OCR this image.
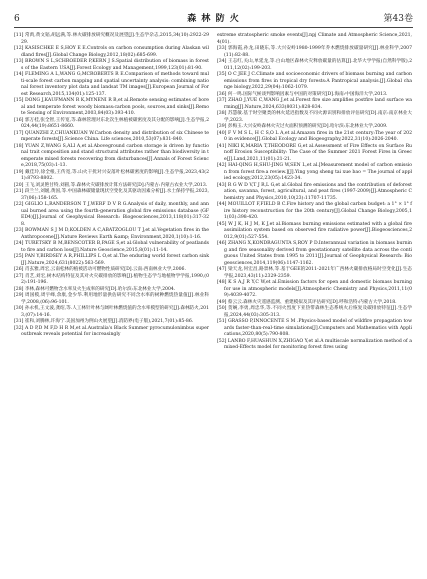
6	森 林 防 火	第43卷

[11] 常禹,黄文韬,胡远满,等.林火碳排放研究概况及展望[J].生态学杂志,2015,34(10):2922-2929.

[12] KASISCHKE E S,HOY E E.Controls on carbon consumption during Alaskan wildland fires[J].Global Change Biology,2012,18(02):685-699.

[13] BROWN S L,SCHROEDER P,KERN J S.Spatial distribution of biomass in forests of the Eastern USA[J].Forest Ecology and Management,1999,123(01):81-90.

[14] FLEMING A L,WANG G,MCROBERTS R E.Comparison of methods toward multi-scale forest carbon mapping and spatial uncertainty analysis: combining national forest inventory plot data and landsat TM images[J].European Journal of Forest Research,2015,134(01):125-137.

[15] DONG J,KAUFMANN R K,MYNENI R B,et al.Remote sensing estimates of boreal and temperate forest woody biomass:carbon pools, sources,and sinks[J].Remote Sensing of Environment,2003,84(03):393-410.

[16] 郭万桂,张全智,王传宽,等.森林管理对东北次生林植被碳密度及其分配的影响[J].生态学报,2024,44(19):8651-8660.

[17] QUANZHI Z,CHUANKUAN W.Carbon density and distribution of six Chinese temperate forests[J].Science China. Life sciences,2010,53(07):831-840.

[18] YUAN Z,WANG S,ALI A,et al.Aboveground carbon storage is driven by functional trait composition and stand structural attributes rather than biodiversity in temperate mixed forests recovering from disturbances[J].Annals of Forest Science,2018,75(03):1-13.

[19] 戴佳玲,徐全根,王传宽,等.山火干扰对兴安落叶松林碳密度的影响[J].生态学报,2023,43(21):8793-8802.

[20] 王飞,刘灵艳甘特,刘圆,等.森林火灾碳排放计算方法研究[D].内蒙古:内蒙古农业大学,2013.

[21] 段兰兰,刘媛,黄国,等.中国森林碳储量现状空变化及其驱动因素分析[J].水土保持学报,2023,37(06):158-165.

[22] GIGLIO L,RANDERSON T J,WERF D V R G.Analysis of daily, monthly, and annual burned area using the fourth-generation global fire emissions database (GFED4)[J].Journal of Geophysical Research: Biogeosciences,2013,118(01):317-328.

[23] BOWMAN S J M D,KOLDEN A C,ABATZOGLOU T J,et al.Vegetation fires in the Anthropocene[J].Nature Reviews Earth &amp; Environment,2020,1(10):1-16.

[24] TURETSKY B M,BENSCOTER B,PAGE S,et al.Global vulnerability of peatlands to fire and carbon loss[J].Nature Geoscience,2015,8(01):11-14.

[25] PAN Y,BIRDSEY A R,PHILLIPS L O,et al.The enduring world forest carbon sink[J].Nature,2024,631(8022):563-569.

[26] 肖玄雅,周宏,云南松林的植被活动可燃物性质研究[D].云南:西南林业大学,2006.

[27] 肖艺,刘宏,树木结构特征及其对火灾碳排放的影响[J].植物生态学与地植物学学报,1990,(02):191-196.

[28] 李林,森林可燃物含水率及火生成率的研究[D].哈尔滨:东北林业大学,2004.

[29] 周国模,周宇峰,余康,金少华.利用地形量供估研究不同含水率的树种燃烧热量值[J].林业科学,2008,(06):96-101.

[30] 孙永机,王文波,龚绍,等.人工林针叶林与阔叶林燃烧值的含水率模型的研究[J].森林防火,2013,(07):14-16.

[31] 崔和,刘腾林,许海宁.美国加州为例山火展望[J].消防界(电子版),2021,7(01):85-86.

[32] A D P,D M F,D H R M,et al.Australia's Black Summer pyrocumulonimbus super outbreak reveals potential for increasingly

extreme stratospheric smoke events[J].npj Climate and Atmospheric Science,2021,4(01).

[33] 郭海霞,孙龙,田晓东,等.大兴安岭1980-1999年乔木燃烧排放碳量研究[J].林业科学,2007(11):82-88.

[34] 王志红,关山,单延龙,等.白山地区森林火灾释放碳量的估算[J].北华大学学报(自然科学版),2011,12(02):199-203.

[35] O C JEE J C.Climate and socioeconomic drivers of biomass burning and carbon emissions from fires in tropical dry forests:A Pantropical analysis.[J].Global change biology,2022,29(04):1062-1079.

[36] 何一鸣.国际气候谈判影响因素与中国的对策研究[D].海南:中国海洋大学,2013.

[37] ZHAO J,YUE C,WANG J,et al.Forest fire size amplifies postfire land surface warming[J].Nature,2024,633(8031):828-834.

[38] 苏慧敏.基于时空聚类的林火延迟指数及不同火源识别和排放评估研究[D].南京:南京林业大学,2023.

[39] 彭梅玉.大兴安岭森林火灾过火面积预测的研究[D].哈尔滨:东北林业大学,2009.

[40] F V M S L, H C S,O L A,et al.Amazon fires in the 21st century:The year of 2020 in evidence[J].Global Ecology and Biogeography,2022,31(10):2026-2040.

[41] NIKI K,MARIA T,THEODORE G,et al.Assessment of Fire Effects on Surface Runoff Erosion Susceptibility: The Case of the Summer 2021 Forest Fires in Greece[J].Land,2021,11(01):21-21.

[42] HAI-QING H,SHU-JING W,SEN L,et al.[Measurement model of carbon emission from forest fire:a review.][J].Ying yong sheng tai xue bao = The journal of applied ecology,2012,23(05):1423-34.

[43] R G W D V,T J R,L G,et al.Global fire emissions and the contribution of deforestation, savanna, forest, agricultural, and peat fires (1997-2009)[J].Atmospheric Chemistry and Physics,2010,10(23):11707-11735.

[44] MOUILLOT F,FIELD B C.Fire history and the global carbon budget: a 1° × 1° fire history reconstruction for the 20th century[J].Global Change Biology,2005,11(03):398-420.

[45] W J K, H J M, K J,et al.Biomass burning emissions estimated with a global fire assimilation system based on observed fire radiative power[J].Biogeosciences,2012,9(01):527-554.

[46] ZHANG X,KONDRAGUNTA S,ROY P D.Interannual variation in biomass burning and fire seasonality derived from geostationary satellite data across the contiguous United States from 1995 to 2011[J].Journal of Geophysical Research: Biogeosciences,2014,119(06):1147-1162.

[47] 梁天龙,何宏昌,路景林,等.基于GEE的2011-2021年广西林火碳排放格局时空变化[J].生态学报,2023,43(11):2329-2359.

[48] K S A,J R Y,C W,et al.Emission factors for open and domestic biomass burning for use in atmospheric models[J].Atmospheric Chemistry and Physics,2011,11(09):4039-4072.

[49] 蔡云云.森林火灾遥感监测、重建模拟及其评估研究[D].呼和浩特:内蒙古大学,2018.

[50] 贺娴,李勇,周忠华,等.不同火烈度下亚热带森林生态系统火后恢复及碳排放特征[J].生态学报,2024,44(03):305-313.

[51] GRASSO P,INNOCENTE S M .Physics-based model of wildfire propagation towards faster-than-real-time simulations[J].Computers and Mathematics with Applications,2020,80(5):790-808.

[52] LANBO F,HUASHUN X,ZHIGAO Y,et al.A multiscale normalization method of a mixed-Effects model for monitoring forest fires using
